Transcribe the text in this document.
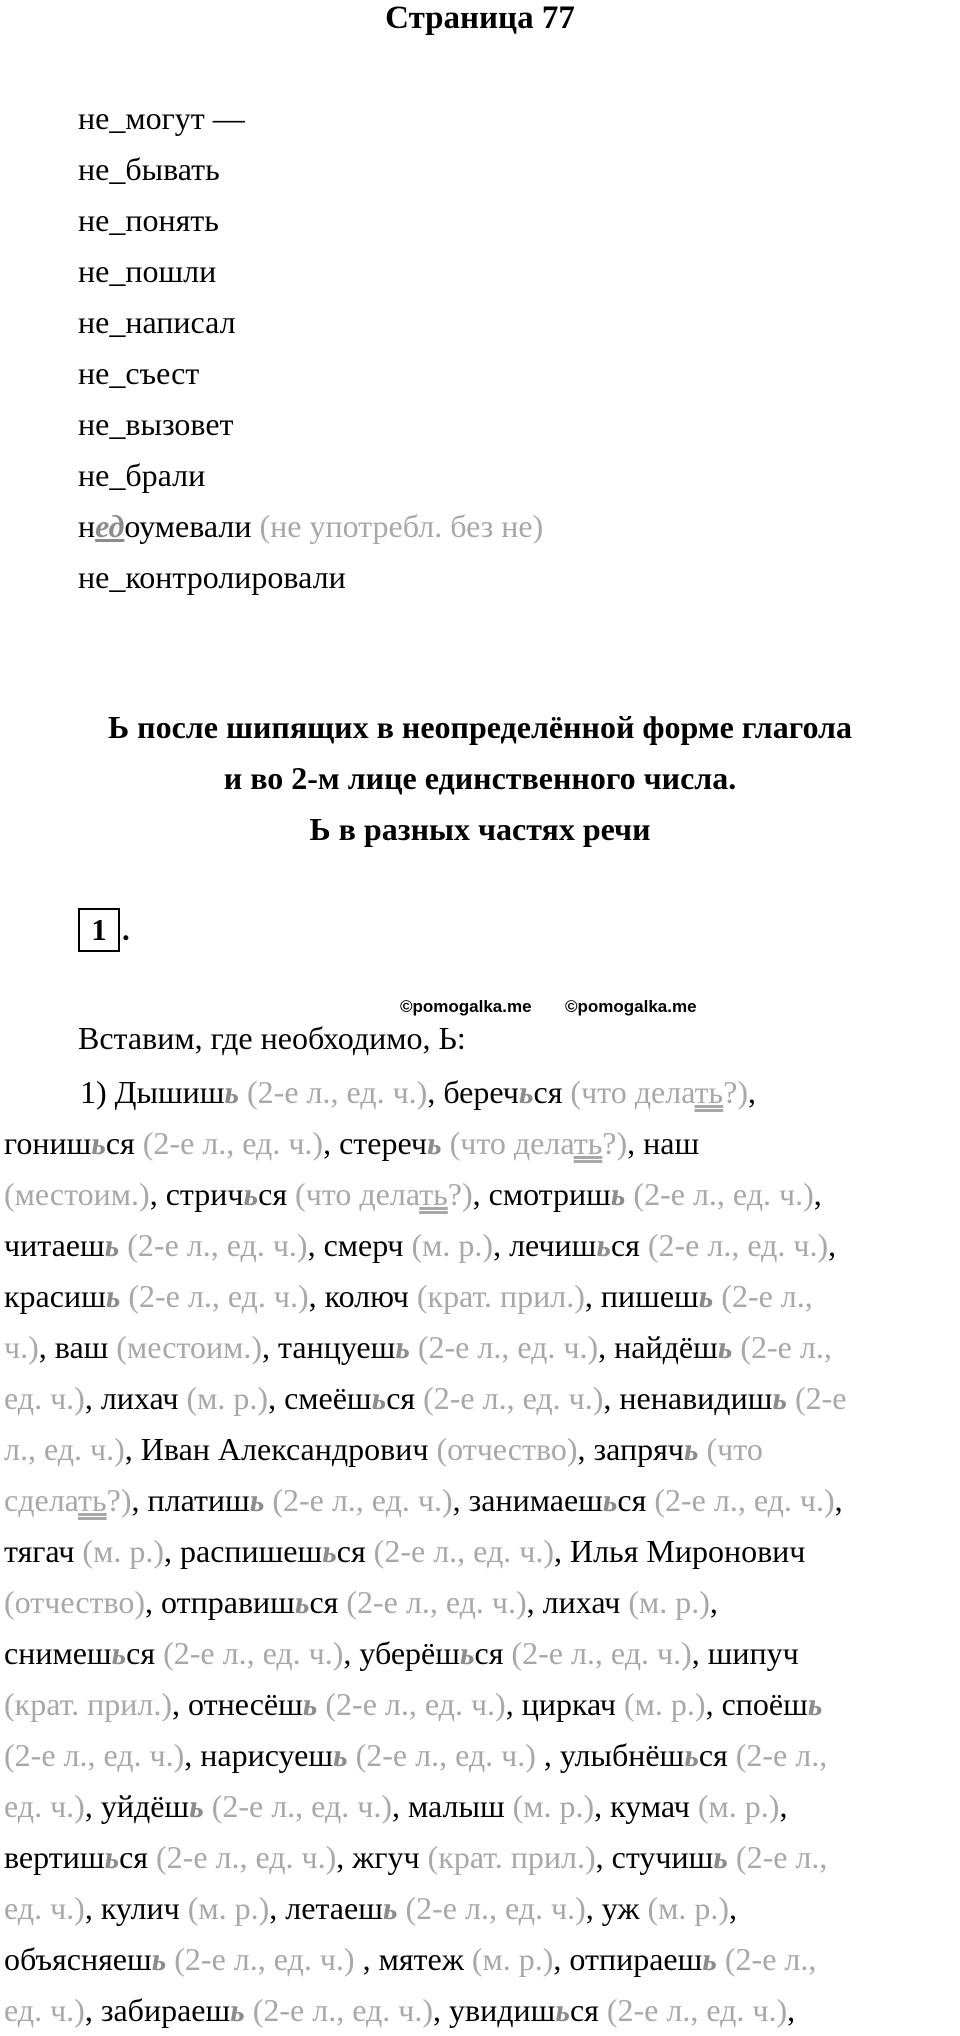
Страница 77
не_могут —
не_бывать
не_понять
не_пошли
не_написал
не_съест
не_вызовет
не_брали
недоумевали (не употребл. без не)
не_контролировали
Ь после шипящих в неопределённой форме глагола
и во 2-м лице единственного числа.
Ь в разных частях речи
1 .
©pomogalka.me ©pomogalka.me
Вставим, где необходимо, Ь:
1) Дышишь (2-е л., ед. ч.), беречься (что делать?),
гонишься (2-е л., ед. ч.), стеречь (что делать?), наш
(местоим.), стричься (что делать?), смотришь (2-е л., ед. ч.),
читаешь (2-е л., ед. ч.), смерч (м. р.), лечишься (2-е л., ед. ч.),
красишь (2-е л., ед. ч.), колюч (крат. прил.), пишешь (2-е л.,
ч.), ваш (местоим.), танцуешь (2-е л., ед. ч.), найдёшь (2-е л.,
ед. ч.), лихач (м. р.), смеёшься (2-е л., ед. ч.), ненавидишь (2-е
л., ед. ч.), Иван Александрович (отчество), запрячь (что
сделать?), платишь (2-е л., ед. ч.), занимаешься (2-е л., ед. ч.),
тягач (м. р.), распишешься (2-е л., ед. ч.), Илья Миронович
(отчество), отправишься (2-е л., ед. ч.), лихач (м. р.),
снимешься (2-е л., ед. ч.), уберёшься (2-е л., ед. ч.), шипуч
(крат. прил.), отнесёшь (2-е л., ед. ч.), циркач (м. р.), споёшь
(2-е л., ед. ч.), нарисуешь (2-е л., ед. ч.) , улыбнёшься (2-е л.,
ед. ч.), уйдёшь (2-е л., ед. ч.), малыш (м. р.), кумач (м. р.),
вертишься (2-е л., ед. ч.), жгуч (крат. прил.), стучишь (2-е л.,
ед. ч.), кулич (м. р.), летаешь (2-е л., ед. ч.), уж (м. р.),
объясняешь (2-е л., ед. ч.) , мятеж (м. р.), отпираешь (2-е л.,
ед. ч.), забираешь (2-е л., ед. ч.), увидишься (2-е л., ед. ч.),
